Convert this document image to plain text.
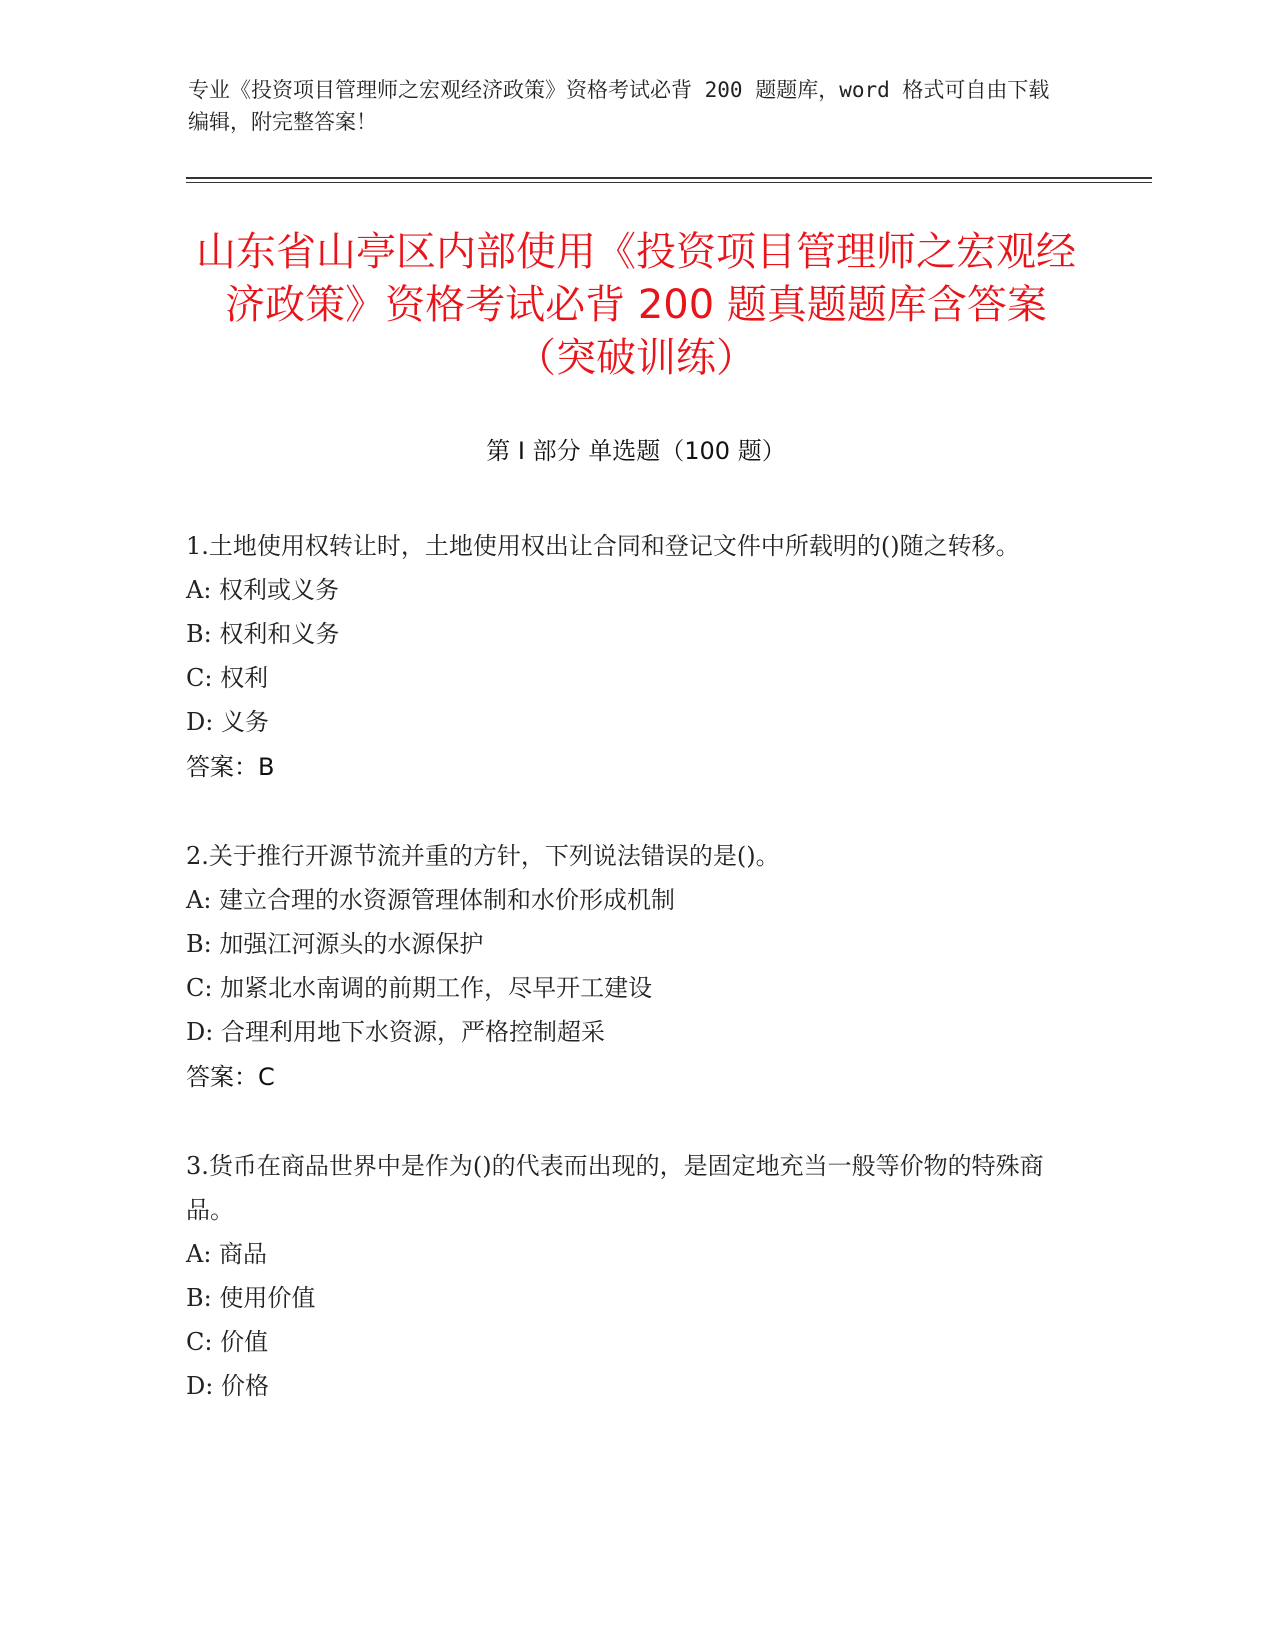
专业《投资项目管理师之宏观经济政策》资格考试必背 200 题题库，word 格式可自由下载编辑，附完整答案！
山东省山亭区内部使用《投资项目管理师之宏观经济政策》资格考试必背 200 题真题题库含答案（突破训练）
第 I 部分 单选题（100 题）

1.土地使用权转让时，土地使用权出让合同和登记文件中所载明的()随之转移。

A: 权利或义务

B: 权利和义务

C: 权利

D: 义务

答案：B

2.关于推行开源节流并重的方针，下列说法错误的是()。

A: 建立合理的水资源管理体制和水价形成机制

B: 加强江河源头的水源保护

C: 加紧北水南调的前期工作，尽早开工建设

D: 合理利用地下水资源，严格控制超采

答案：C

3.货币在商品世界中是作为()的代表而出现的，是固定地充当一般等价物的特殊商品。

A: 商品

B: 使用价值

C: 价值

D: 价格
